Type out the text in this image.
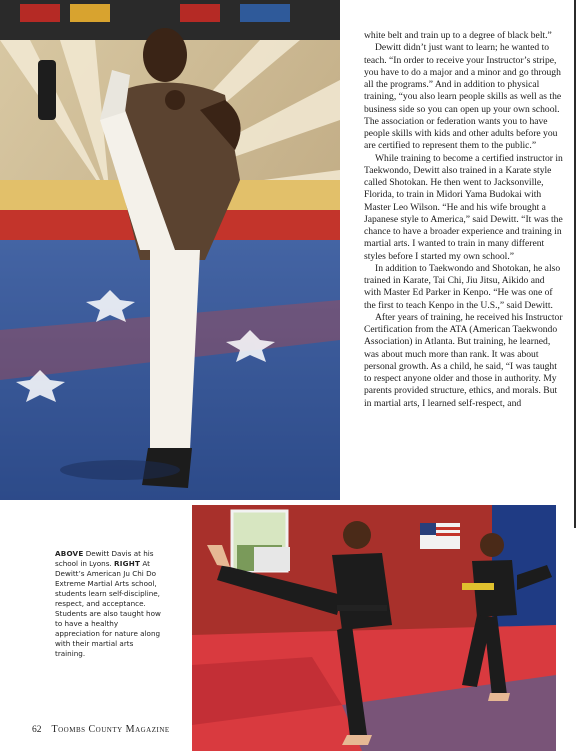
white belt and train up to a degree of black belt.”

Dewitt didn’t just want to learn; he wanted to teach. “In order to receive your Instructor’s stripe, you have to do a major and a minor and go through all the programs.” And in addition to physical training, “you also learn people skills as well as the business side so you can open up your own school. The association or federation wants you to have people skills with kids and other adults before you are certified to represent them to the public.”

While training to become a certified instructor in Taekwondo, Dewitt also trained in a Karate style called Shotokan. He then went to Jacksonville, Florida, to train in Midori Yama Budokai with Master Leo Wilson. “He and his wife brought a Japanese style to America,” said Dewitt. “It was the chance to have a broader experience and training in martial arts. I wanted to train in many different styles before I started my own school.”

In addition to Taekwondo and Shotokan, he also trained in Karate, Tai Chi, Jiu Jitsu, Aikido and with Master Ed Parker in Kenpo. “He was one of the first to teach Kenpo in the U.S.,” said Dewitt.

After years of training, he received his Instructor Certification from the ATA (American Taekwondo Association) in Atlanta. But training, he learned, was about much more than rank. It was about personal growth. As a child, he said, “I was taught to respect anyone older and those in authority. My parents provided structure, ethics, and morals. But in martial arts, I learned self-respect, and

ABOVE Dewitt Davis at his school in Lyons. RIGHT At Dewitt’s American Ju Chi Do Extreme Martial Arts school, students learn self-discipline, respect, and acceptance. Students are also taught how to have a healthy appreciation for nature along with their martial arts training.
62 Toombs County Magazine
